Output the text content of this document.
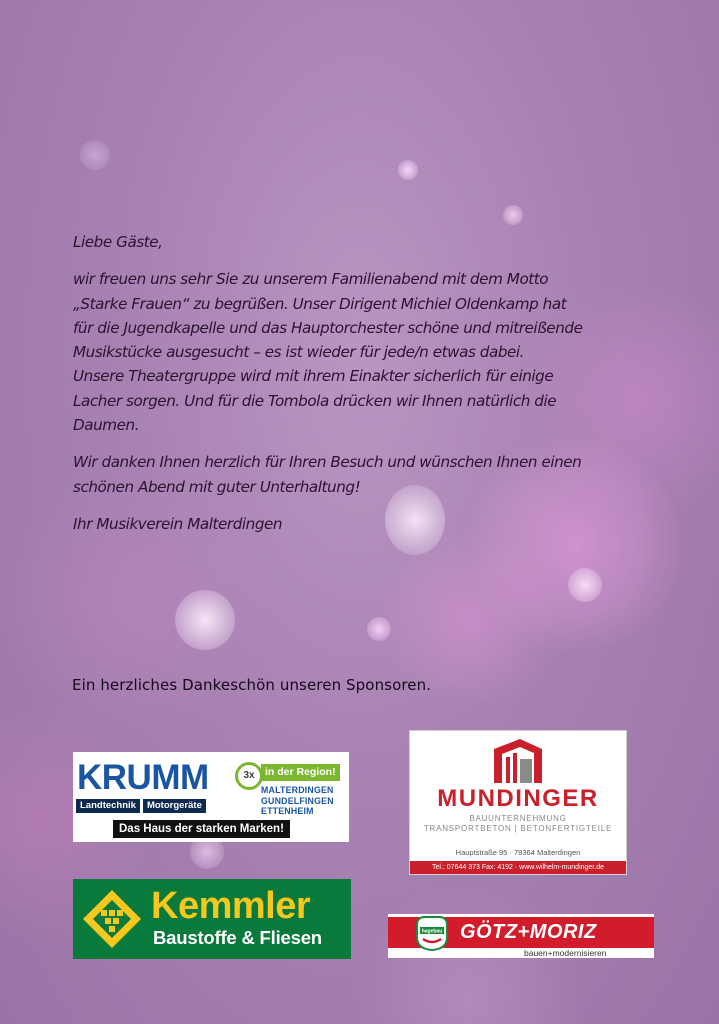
Liebe Gäste,

wir freuen uns sehr Sie zu unserem Familienabend mit dem Motto
„Starke Frauen“ zu begrüßen. Unser Dirigent Michiel Oldenkamp hat
für die Jugendkapelle und das Hauptorchester schöne und mitreißende
Musikstücke ausgesucht – es ist wieder für jede/n etwas dabei.
Unsere Theatergruppe wird mit ihrem Einakter sicherlich für einige
Lacher sorgen. Und für die Tombola drücken wir Ihnen natürlich die
Daumen.

Wir danken Ihnen herzlich für Ihren Besuch und wünschen Ihnen einen
schönen Abend mit guter Unterhaltung!

Ihr Musikverein Malterdingen

Ein herzliches Dankeschön unseren Sponsoren.
KRUMM
Landtechnik	Motorgeräte
Das Haus der starken Marken!
3x in der Region!
MALTERDINGEN
GUNDELFINGEN
ETTENHEIM	MUNDINGER
BAUUNTERNEHMUNG
TRANSPORTBETON | BETONFERTIGTEILE
Hauptstraße 95 · 79364 Malterdingen
Tel.: 07644 373 Fax: 4192 · www.wilhelm-mundinger.de
Kemmler
Baustoffe & Fliesen	hagebau GÖTZ+MORIZ
bauen+modernisieren
